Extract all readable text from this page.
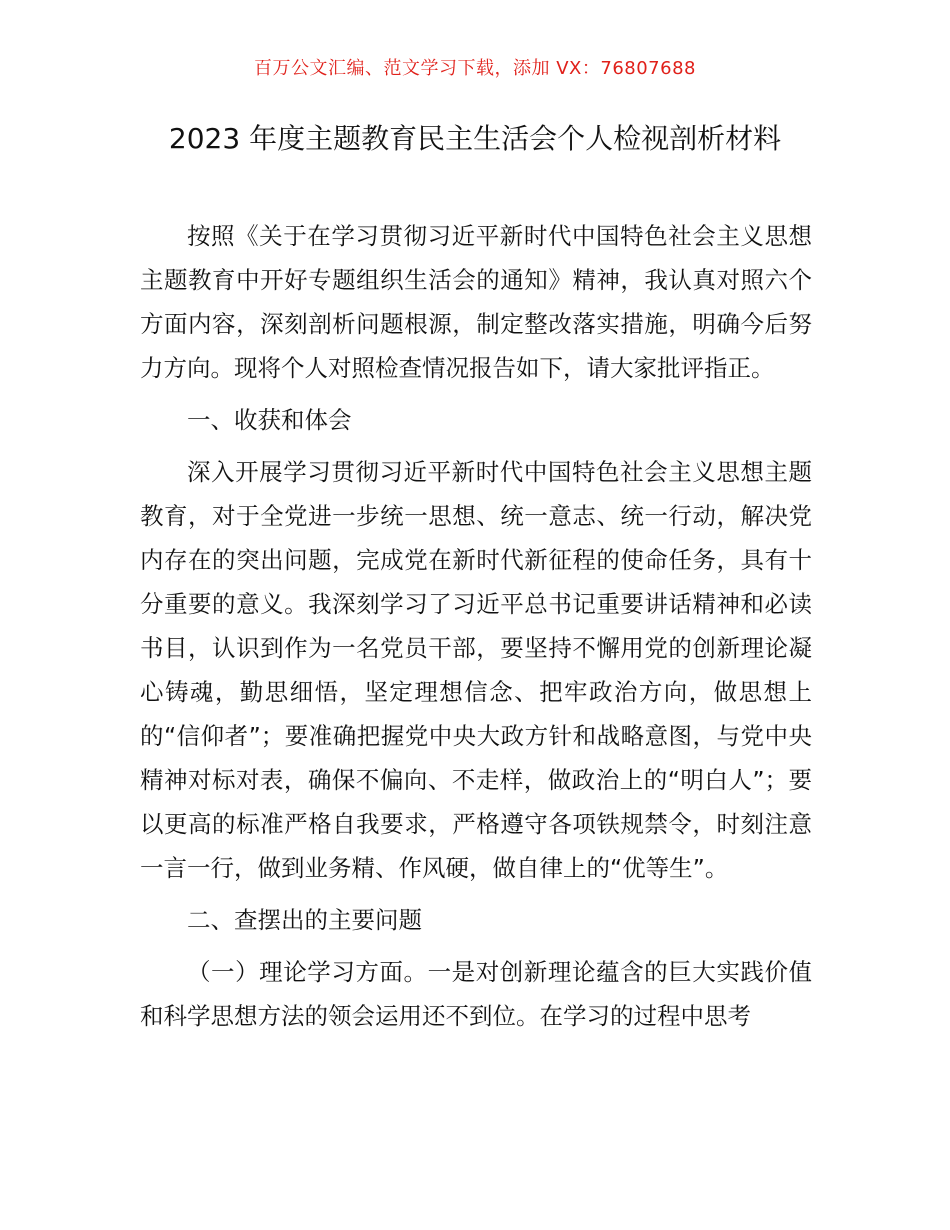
百万公文汇编、范文学习下载，添加 VX：76807688
2023 年度主题教育民主生活会个人检视剖析材料

按照《关于在学习贯彻习近平新时代中国特色社会主义思想主题教育中开好专题组织生活会的通知》精神，我认真对照六个方面内容，深刻剖析问题根源，制定整改落实措施，明确今后努力方向。现将个人对照检查情况报告如下，请大家批评指正。

一、收获和体会

深入开展学习贯彻习近平新时代中国特色社会主义思想主题教育，对于全党进一步统一思想、统一意志、统一行动，解决党内存在的突出问题，完成党在新时代新征程的使命任务，具有十分重要的意义。我深刻学习了习近平总书记重要讲话精神和必读书目，认识到作为一名党员干部，要坚持不懈用党的创新理论凝心铸魂，勤思细悟，坚定理想信念、把牢政治方向，做思想上的“信仰者”；要准确把握党中央大政方针和战略意图，与党中央精神对标对表，确保不偏向、不走样，做政治上的“明白人”；要以更高的标准严格自我要求，严格遵守各项铁规禁令，时刻注意一言一行，做到业务精、作风硬，做自律上的“优等生”。

二、查摆出的主要问题

（一）理论学习方面。一是对创新理论蕴含的巨大实践价值和科学思想方法的领会运用还不到位。在学习的过程中思考
